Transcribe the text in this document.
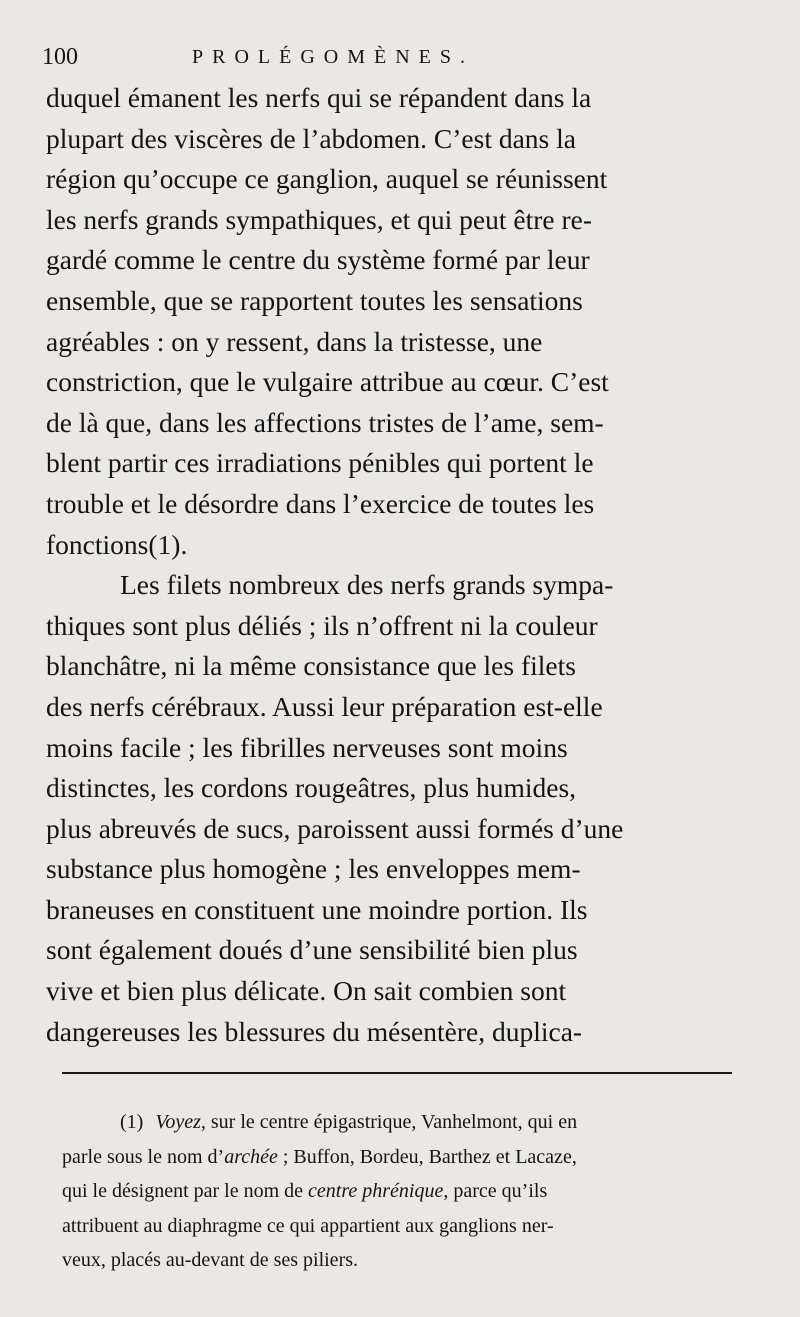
100	PROLÉGOMÈNES.
duquel émanent les nerfs qui se répandent dans la
plupart des viscères de l’abdomen. C’est dans la
région qu’occupe ce ganglion, auquel se réunissent
les nerfs grands sympathiques, et qui peut être re-
gardé comme le centre du système formé par leur
ensemble, que se rapportent toutes les sensations
agréables : on y ressent, dans la tristesse, une
constriction, que le vulgaire attribue au cœur. C’est
de là que, dans les affections tristes de l’ame, sem-
blent partir ces irradiations pénibles qui portent le
trouble et le désordre dans l’exercice de toutes les
fonctions (1) .
Les filets nombreux des nerfs grands sympa-
thiques sont plus déliés ; ils n’offrent ni la couleur
blanchâtre, ni la même consistance que les filets
des nerfs cérébraux. Aussi leur préparation est-elle
moins facile ; les fibrilles nerveuses sont moins
distinctes, les cordons rougeâtres, plus humides,
plus abreuvés de sucs, paroissent aussi formés d’une
substance plus homogène ; les enveloppes mem-
braneuses en constituent une moindre portion. Ils
sont également doués d’une sensibilité bien plus
vive et bien plus délicate. On sait combien sont
dangereuses les blessures du mésentère, duplica-
(1) Voyez, sur le centre épigastrique, Vanhelmont, qui en
parle sous le nom d’archée ; Buffon, Bordeu, Barthez et Lacaze,
qui le désignent par le nom de centre phrénique, parce qu’ils
attribuent au diaphragme ce qui appartient aux ganglions ner-
veux, placés au-devant de ses piliers.
